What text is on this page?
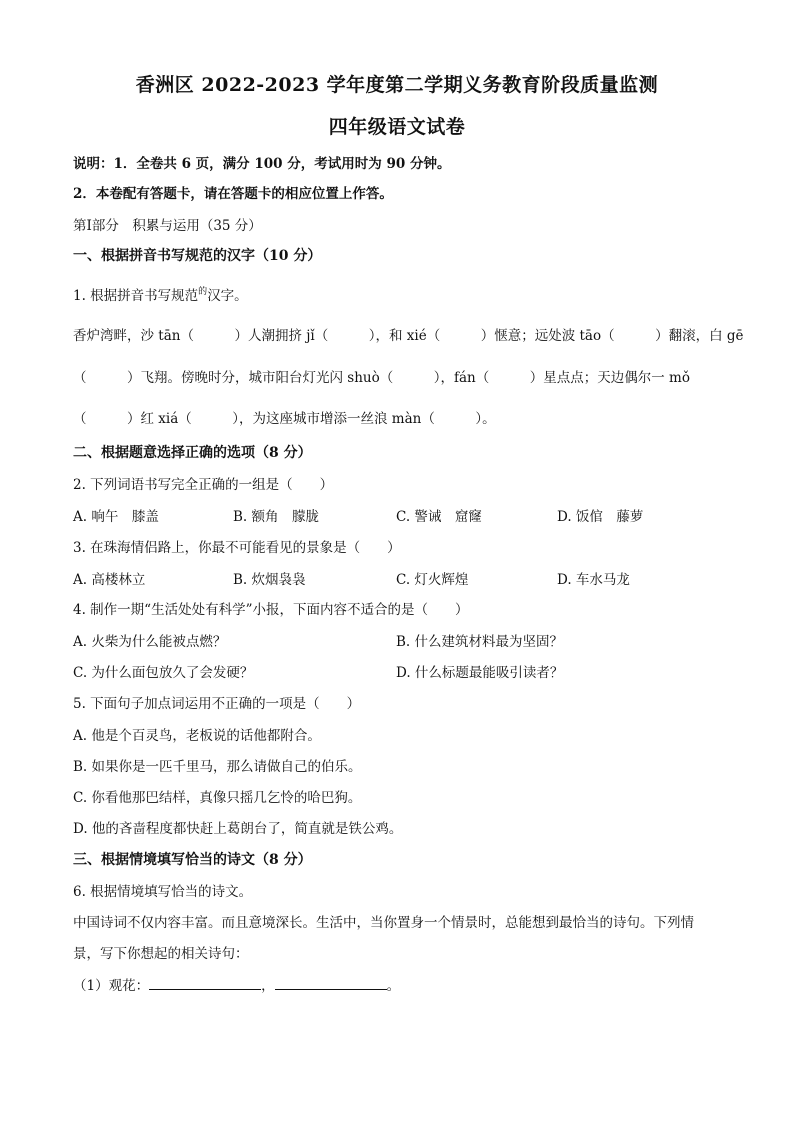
香洲区 2022-2023 学年度第二学期义务教育阶段质量监测
四年级语文试卷
说明：1．全卷共 6 页，满分 100 分，考试用时为 90 分钟。
2．本卷配有答题卡，请在答题卡的相应位置上作答。
第Ⅰ部分　积累与运用（35 分）
一、根据拼音书写规范的汉字（10 分）
1. 根据拼音书写规范$^的$汉字。
香炉湾畔，沙 tān（　　　）人潮拥挤 jǐ（　　　），和 xié（　　　）惬意；远处波 tāo（　　　）翻滚，白 gē
（　　　）飞翔。傍晚时分，城市阳台灯光闪 shuò（　　　），fán（　　　）星点点；天边偶尔一 mǒ
（　　　）红 xiá（　　　），为这座城市增添一丝浪 màn（　　　）。
二、根据题意选择正确的选项（8 分）
2. 下列词语书写完全正确的一组是（　　）
A. 响午　膝盖	B. 额角　朦胧	C. 警诫　窟窿	D. 饭倌　藤萝
3. 在珠海情侣路上，你最不可能看见的景象是（　　）
A. 高楼林立	B. 炊烟袅袅	C. 灯火辉煌	D. 车水马龙
4. 制作一期“生活处处有科学”小报，下面内容不适合的是（　　）
A. 火柴为什么能被点燃？	B. 什么建筑材料最为坚固？
C. 为什么面包放久了会发硬？	D. 什么标题最能吸引读者？
5. 下面句子加点词运用不正确的一项是（　　）
A. 他是个百灵鸟，老板说的话他都附合。
B. 如果你是一匹千里马，那么请做自己的伯乐。
C. 你看他那巴结样，真像只摇几乞怜的哈巴狗。
D. 他的吝啬程度都快赶上葛朗台了，简直就是铁公鸡。
三、根据情境填写恰当的诗文（8 分）
6. 根据情境填写恰当的诗文。
中国诗词不仅内容丰富。而且意境深长。生活中，当你置身一个情景时，总能想到最恰当的诗句。下列情
景，写下你想起的相关诗句：
（1）观花：	，	。
